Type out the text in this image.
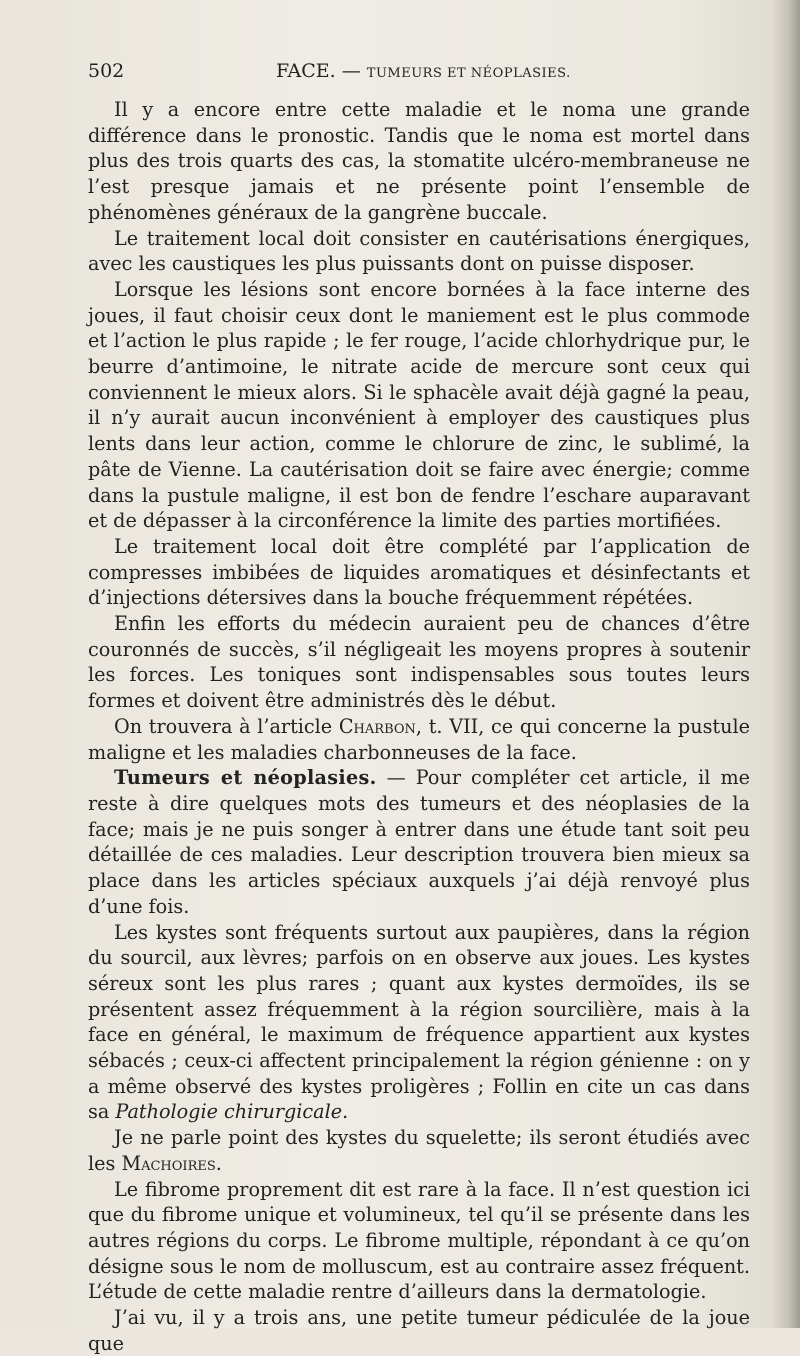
502	FACE. — TUMEURS ET NÉOPLASIES.

Il y a encore entre cette maladie et le noma une grande différence dans le pronostic. Tandis que le noma est mortel dans plus des trois quarts des cas, la stomatite ulcéro-membraneuse ne l’est presque jamais et ne présente point l’ensemble de phénomènes généraux de la gangrène buccale.

Le traitement local doit consister en cautérisations énergiques, avec les caustiques les plus puissants dont on puisse disposer.

Lorsque les lésions sont encore bornées à la face interne des joues, il faut choisir ceux dont le maniement est le plus commode et l’action le plus rapide ; le fer rouge, l’acide chlorhydrique pur, le beurre d’antimoine, le nitrate acide de mercure sont ceux qui conviennent le mieux alors. Si le sphacèle avait déjà gagné la peau, il n’y aurait aucun inconvénient à employer des caustiques plus lents dans leur action, comme le chlorure de zinc, le sublimé, la pâte de Vienne. La cautérisation doit se faire avec énergie; comme dans la pustule maligne, il est bon de fendre l’eschare auparavant et de dépasser à la circonférence la limite des parties mortifiées.

Le traitement local doit être complété par l’application de compresses imbibées de liquides aromatiques et désinfectants et d’injections détersives dans la bouche fréquemment répétées.

Enfin les efforts du médecin auraient peu de chances d’être couronnés de succès, s’il négligeait les moyens propres à soutenir les forces. Les toniques sont indispensables sous toutes leurs formes et doivent être administrés dès le début.

On trouvera à l’article Charbon, t. VII, ce qui concerne la pustule maligne et les maladies charbonneuses de la face.

Tumeurs et néoplasies. — Pour compléter cet article, il me reste à dire quelques mots des tumeurs et des néoplasies de la face; mais je ne puis songer à entrer dans une étude tant soit peu détaillée de ces maladies. Leur description trouvera bien mieux sa place dans les articles spéciaux auxquels j’ai déjà renvoyé plus d’une fois.

Les kystes sont fréquents surtout aux paupières, dans la région du sourcil, aux lèvres; parfois on en observe aux joues. Les kystes séreux sont les plus rares ; quant aux kystes dermoïdes, ils se présentent assez fréquemment à la région sourcilière, mais à la face en général, le maximum de fréquence appartient aux kystes sébacés ; ceux-ci affectent principalement la région génienne : on y a même observé des kystes proligères ; Follin en cite un cas dans sa Pathologie chirurgicale.

Je ne parle point des kystes du squelette; ils seront étudiés avec les Machoires.

Le fibrome proprement dit est rare à la face. Il n’est question ici que du fibrome unique et volumineux, tel qu’il se présente dans les autres régions du corps. Le fibrome multiple, répondant à ce qu’on désigne sous le nom de molluscum, est au contraire assez fréquent. L’étude de cette maladie rentre d’ailleurs dans la dermatologie.

J’ai vu, il y a trois ans, une petite tumeur pédiculée de la joue que
